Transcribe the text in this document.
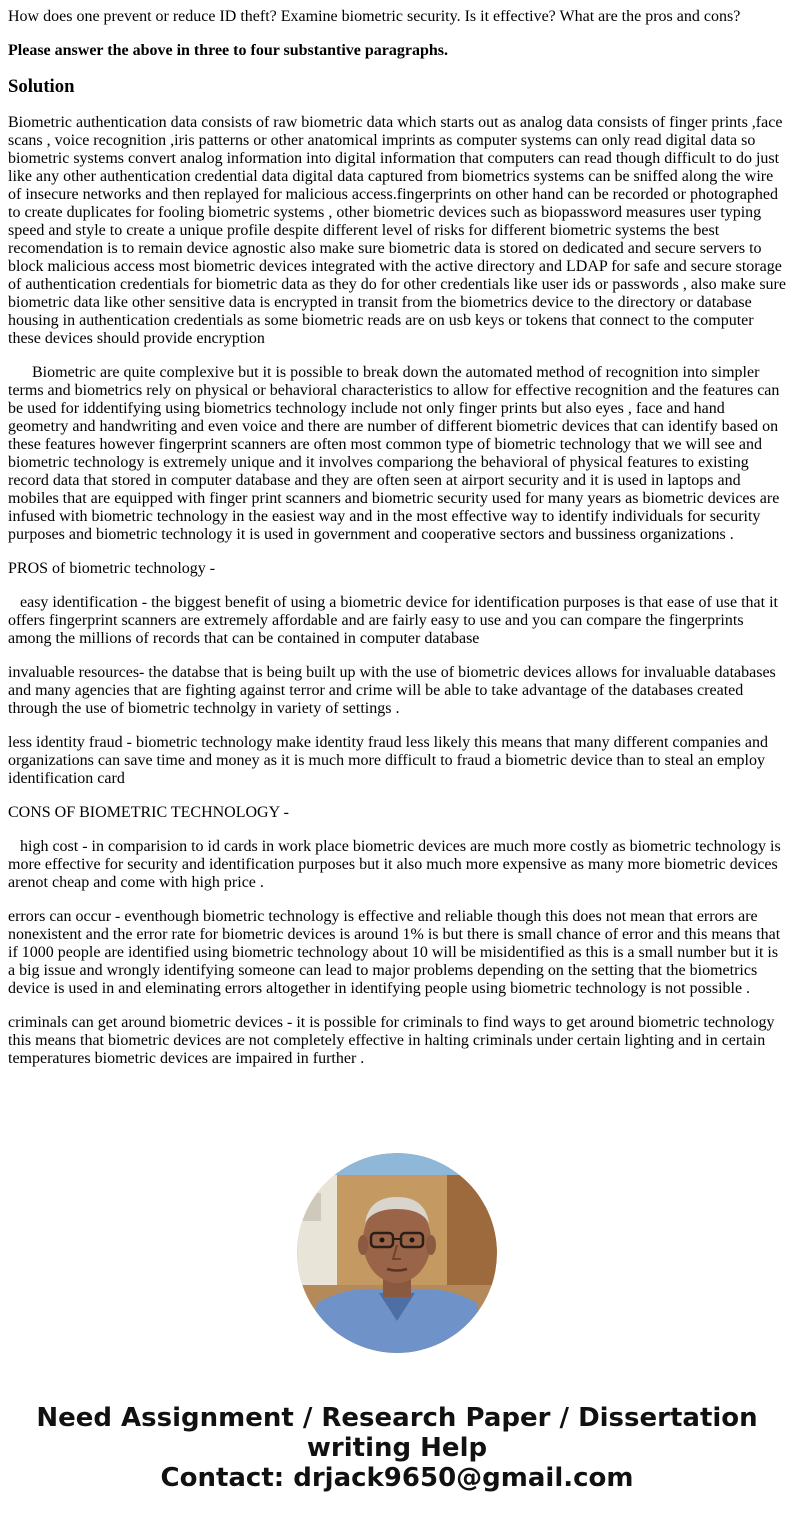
How does one prevent or reduce ID theft? Examine biometric security. Is it effective? What are the pros and cons?

Please answer the above in three to four substantive paragraphs.

Solution

Biometric authentication data consists of raw biometric data which starts out as analog data consists of finger prints ,face scans , voice recognition ,iris patterns or other anatomical imprints as computer systems can only read digital data so biometric systems convert analog information into digital information that computers can read though difficult to do just like any other authentication credential data digital data captured from biometrics systems can be sniffed along the wire of insecure networks and then replayed for malicious access.fingerprints on other hand can be recorded or photographed to create duplicates for fooling biometric systems , other biometric devices such as biopassword measures user typing speed and style to create a unique profile despite different level of risks for different biometric systems the best recomendation is to remain device agnostic also make sure biometric data is stored on dedicated and secure servers to block malicious access most biometric devices integrated with the active directory and LDAP for safe and secure storage of authentication credentials for biometric data as they do for other credentials like user ids or passwords , also make sure biometric data like other sensitive data is encrypted in transit from the biometrics device to the directory or database housing in authentication credentials as some biometric reads are on usb keys or tokens that connect to the computer these devices should provide encryption

Biometric are quite complexive but it is possible to break down the automated method of recognition into simpler terms and biometrics rely on physical or behavioral characteristics to allow for effective recognition and the features can be used for iddentifying using biometrics technology include not only finger prints but also eyes , face and hand geometry and handwriting and even voice and there are number of different biometric devices that can identify based on these features however fingerprint scanners are often most common type of biometric technology that we will see and biometric technology is extremely unique and it involves compariong the behavioral of physical features to existing record data that stored in computer database and they are often seen at airport security and it is used in laptops and mobiles that are equipped with finger print scanners and biometric security used for many years as biometric devices are infused with biometric technology in the easiest way and in the most effective way to identify individuals for security purposes and biometric technology it is used in government and cooperative sectors and bussiness organizations .

PROS of biometric technology -

easy identification - the biggest benefit of using a biometric device for identification purposes is that ease of use that it offers fingerprint scanners are extremely affordable and are fairly easy to use and you can compare the fingerprints among the millions of records that can be contained in computer database

invaluable resources- the databse that is being built up with the use of biometric devices allows for invaluable databases and many agencies that are fighting against terror and crime will be able to take advantage of the databases created through the use of biometric technolgy in variety of settings .

less identity fraud - biometric technology make identity fraud less likely this means that many different companies and organizations can save time and money as it is much more difficult to fraud a biometric device than to steal an employ identification card

CONS OF BIOMETRIC TECHNOLOGY -

high cost - in comparision to id cards in work place biometric devices are much more costly as biometric technology is more effective for security and identification purposes but it also much more expensive as many more biometric devices arenot cheap and come with high price .

errors can occur - eventhough biometric technology is effective and reliable though this does not mean that errors are nonexistent and the error rate for biometric devices is around 1% is but there is small chance of error and this means that if 1000 people are identified using biometric technology about 10 will be misidentified as this is a small number but it is a big issue and wrongly identifying someone can lead to major problems depending on the setting that the biometrics device is used in and eleminating errors altogether in identifying people using biometric technology is not possible .

criminals can get around biometric devices - it is possible for criminals to find ways to get around biometric technology this means that biometric devices are not completely effective in halting criminals under certain lighting and in certain temperatures biometric devices are impaired in further .

Need Assignment / Research Paper / Dissertation
writing Help
Contact: drjack9650@gmail.com
